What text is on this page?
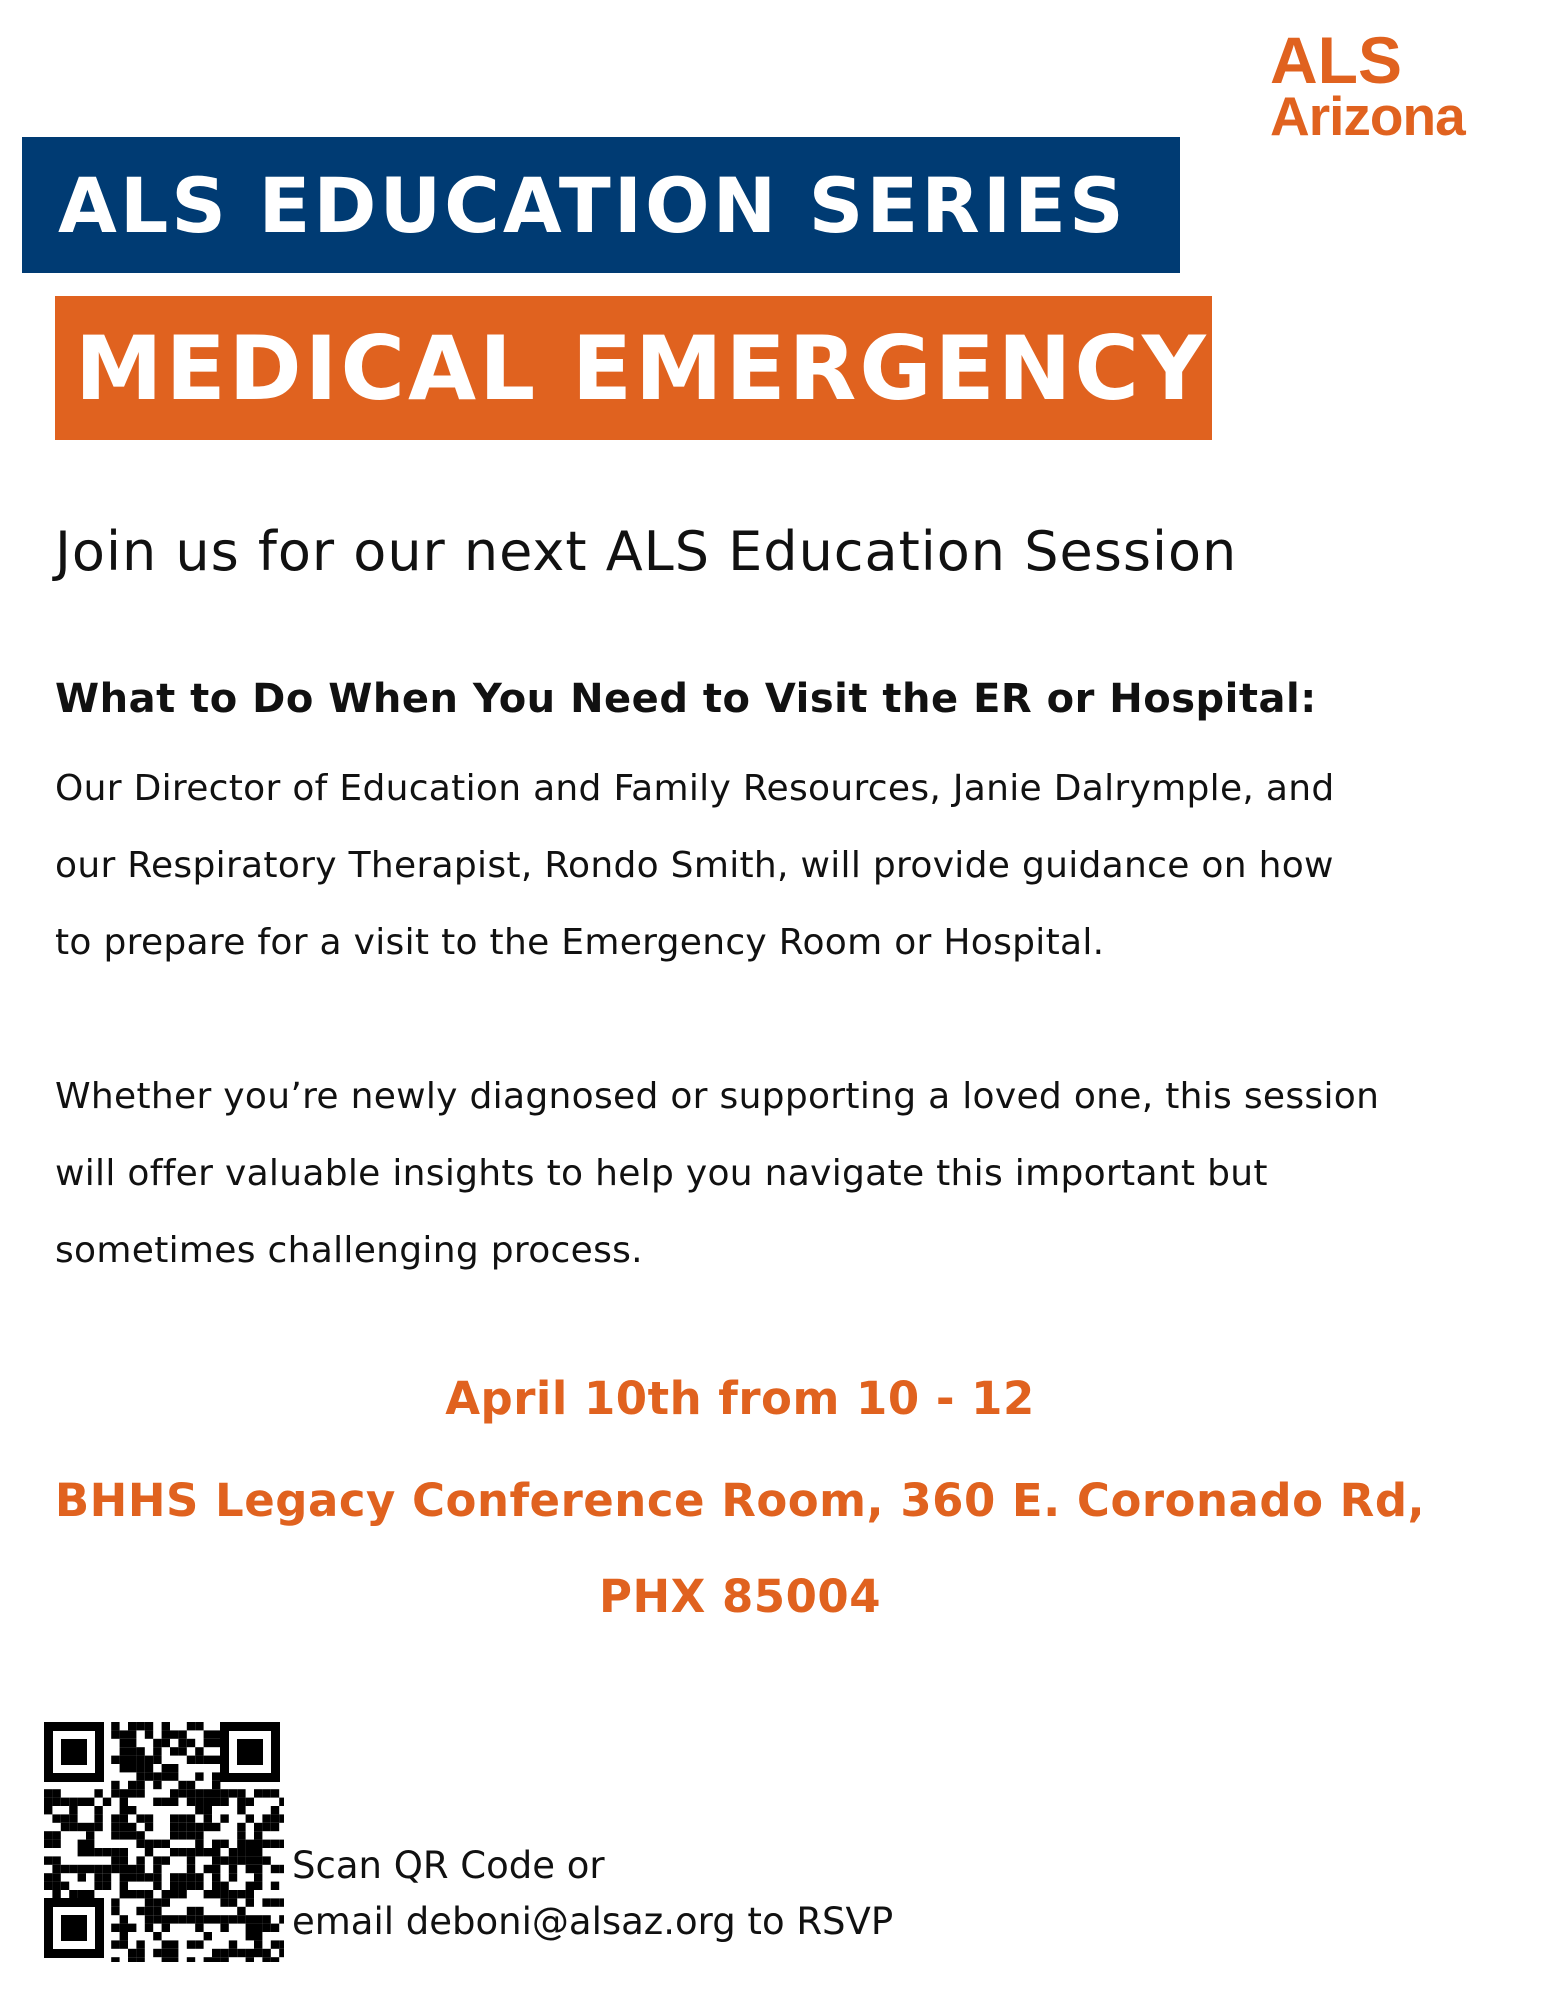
ALS
Arizona
ALS EDUCATION SERIES
MEDICAL EMERGENCY
Join us for our next ALS Education Session
What to Do When You Need to Visit the ER or Hospital:
Our Director of Education and Family Resources, Janie Dalrymple, and
our Respiratory Therapist, Rondo Smith, will provide guidance on how
to prepare for a visit to the Emergency Room or Hospital.
Whether you’re newly diagnosed or supporting a loved one, this session
will offer valuable insights to help you navigate this important but
sometimes challenging process.
April 10th from 10 - 12
BHHS Legacy Conference Room, 360 E. Coronado Rd,
PHX 85004
Scan QR Code or
email deboni@alsaz.org to RSVP
